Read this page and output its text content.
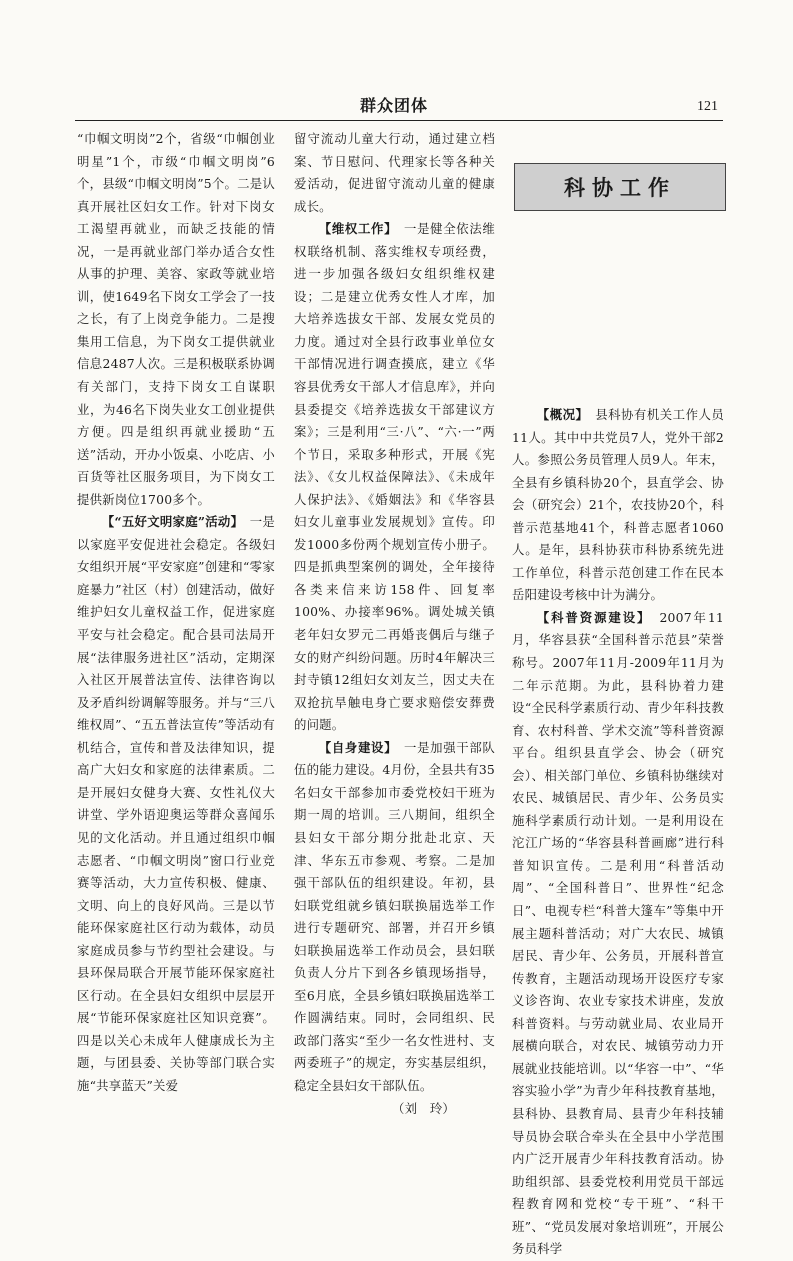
群众团体	121

“巾帼文明岗”2个，省级“巾帼创业明星”1个，市级“巾帼文明岗”6个，县级“巾帼文明岗”5个。二是认真开展社区妇女工作。针对下岗女工渴望再就业，而缺乏技能的情况，一是再就业部门举办适合女性从事的护理、美容、家政等就业培训，使1649名下岗女工学会了一技之长，有了上岗竞争能力。二是搜集用工信息，为下岗女工提供就业信息2487人次。三是积极联系协调有关部门，支持下岗女工自谋职业，为46名下岗失业女工创业提供方便。四是组织再就业援助“五送”活动，开办小饭桌、小吃店、小百货等社区服务项目，为下岗女工提供新岗位1700多个。

【“五好文明家庭”活动】　 一是以家庭平安促进社会稳定。各级妇女组织开展“平安家庭”创建和“零家庭暴力”社区（村）创建活动，做好维护妇女儿童权益工作，促进家庭平安与社会稳定。配合县司法局开展“法律服务进社区”活动，定期深入社区开展普法宣传、法律咨询以及矛盾纠纷调解等服务。并与“三八维权周”、“五五普法宣传”等活动有机结合，宣传和普及法律知识，提高广大妇女和家庭的法律素质。二是开展妇女健身大赛、女性礼仪大讲堂、学外语迎奥运等群众喜闻乐见的文化活动。并且通过组织巾帼志愿者、“巾帼文明岗”窗口行业竞赛等活动，大力宣传积极、健康、文明、向上的良好风尚。三是以节能环保家庭社区行动为载体，动员家庭成员参与节约型社会建设。与县环保局联合开展节能环保家庭社区行动。在全县妇女组织中层层开展“节能环保家庭社区知识竞赛”。四是以关心未成年人健康成长为主题，与团县委、关协等部门联合实施“共享蓝天”关爱

留守流动儿童大行动，通过建立档案、节日慰问、代理家长等各种关爱活动，促进留守流动儿童的健康成长。

【维权工作】　 一是健全依法维权联络机制、落实维权专项经费，进一步加强各级妇女组织维权建设；二是建立优秀女性人才库，加大培养选拔女干部、发展女党员的力度。通过对全县行政事业单位女干部情况进行调查摸底，建立《华容县优秀女干部人才信息库》，并向县委提交《培养选拔女干部建议方案》；三是利用“三·八”、“六·一”两个节日，采取多种形式，开展《宪法》、《女儿权益保障法》、《未成年人保护法》、《婚姻法》和《华容县妇女儿童事业发展规划》宣传。印发1000多份两个规划宣传小册子。四是抓典型案例的调处，全年接待各类来信来访158件、回复率100%、办接率96%。调处城关镇老年妇女罗元二再婚丧偶后与继子女的财产纠纷问题。历时4年解决三封寺镇12组妇女刘友兰，因丈夫在双抢抗旱触电身亡要求赔偿安葬费的问题。

【自身建设】　 一是加强干部队伍的能力建设。4月份，全县共有35名妇女干部参加市委党校妇干班为期一周的培训。三八期间，组织全县妇女干部分期分批赴北京、天津、华东五市参观、考察。二是加强干部队伍的组织建设。年初，县妇联党组就乡镇妇联换届选举工作进行专题研究、部署，并召开乡镇妇联换届选举工作动员会，县妇联负责人分片下到各乡镇现场指导，至6月底，全县乡镇妇联换届选举工作圆满结束。同时，会同组织、民政部门落实“至少一名女性进村、支两委班子”的规定，夯实基层组织，稳定全县妇女干部队伍。

（刘　玲）

科协工作

【概况】　 县科协有机关工作人员11人。其中中共党员7人，党外干部2人。参照公务员管理人员9人。年末，全县有乡镇科协20个，县直学会、协会（研究会）21个，农技协20个，科普示范基地41个，科普志愿者1060人。是年，县科协获市科协系统先进工作单位，科普示范创建工作在民本岳阳建设考核中计为满分。

【科普资源建设】　 2007年11月，华容县获“全国科普示范县”荣誉称号。2007年11月-2009年11月为二年示范期。为此，县科协着力建设“全民科学素质行动、青少年科技教育、农村科普、学术交流”等科普资源平台。组织县直学会、协会（研究会）、相关部门单位、乡镇科协继续对农民、城镇居民、青少年、公务员实施科学素质行动计划。一是利用设在沱江广场的“华容县科普画廊”进行科普知识宣传。二是利用“科普活动周”、“全国科普日”、世界性“纪念日”、电视专栏“科普大篷车”等集中开展主题科普活动；对广大农民、城镇居民、青少年、公务员，开展科普宣传教育，主题活动现场开设医疗专家义诊咨询、农业专家技术讲座，发放科普资料。与劳动就业局、农业局开展横向联合，对农民、城镇劳动力开展就业技能培训。以“华容一中”、“华容实验小学”为青少年科技教育基地，县科协、县教育局、县青少年科技辅导员协会联合牵头在全县中小学范围内广泛开展青少年科技教育活动。协助组织部、县委党校利用党员干部远程教育网和党校“专干班”、“科干班”、“党员发展对象培训班”，开展公务员科学
